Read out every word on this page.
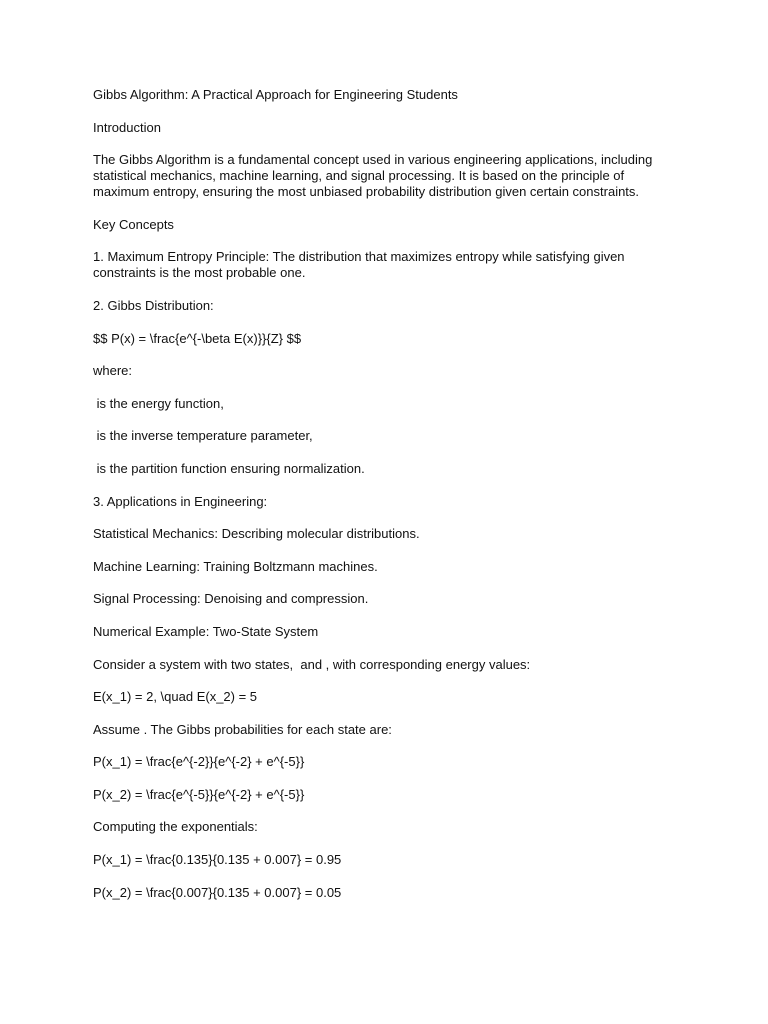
Gibbs Algorithm: A Practical Approach for Engineering Students

Introduction

The Gibbs Algorithm is a fundamental concept used in various engineering applications, including statistical mechanics, machine learning, and signal processing. It is based on the principle of maximum entropy, ensuring the most unbiased probability distribution given certain constraints.

Key Concepts

1. Maximum Entropy Principle: The distribution that maximizes entropy while satisfying given constraints is the most probable one.

2. Gibbs Distribution:

$$ P(x) = \frac{e^{-\beta E(x)}}{Z} $$

where:

is the energy function,

is the inverse temperature parameter,

is the partition function ensuring normalization.

3. Applications in Engineering:

Statistical Mechanics: Describing molecular distributions.

Machine Learning: Training Boltzmann machines.

Signal Processing: Denoising and compression.

Numerical Example: Two-State System

Consider a system with two states,  and , with corresponding energy values:

E(x_1) = 2, \quad E(x_2) = 5

Assume . The Gibbs probabilities for each state are:

P(x_1) = \frac{e^{-2}}{e^{-2} + e^{-5}}

P(x_2) = \frac{e^{-5}}{e^{-2} + e^{-5}}

Computing the exponentials:

P(x_1) = \frac{0.135}{0.135 + 0.007} = 0.95

P(x_2) = \frac{0.007}{0.135 + 0.007} = 0.05
